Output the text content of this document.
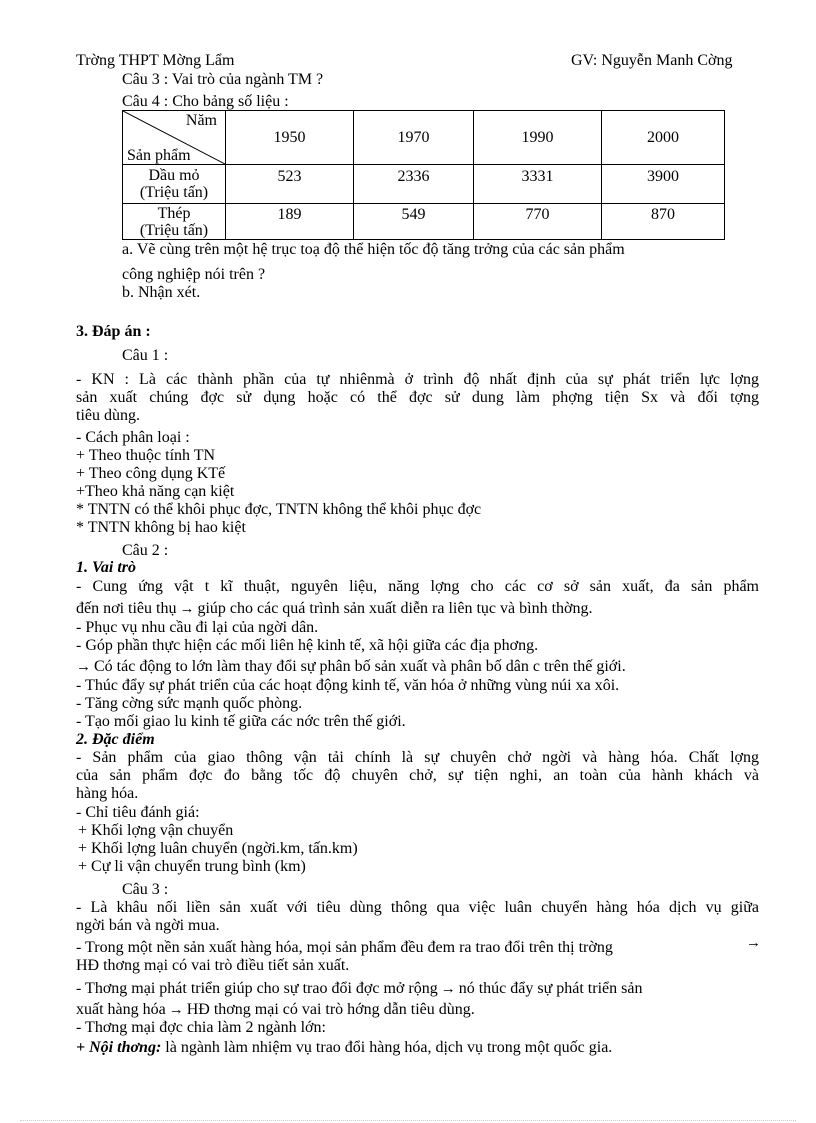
Trờng THPT Mờng Lẩm	GV: Nguyễn Manh Cờng
Câu 3 : Vai trò của ngành TM ?
Câu 4 : Cho bảng số liệu :
Năm
Sản phẩm	1950	1970	1990	2000

Dầu mỏ
(Triệu tấn)	523	2336	3331	3900

Thép
(Triệu tấn)	189	549	770	870
a. Vẽ cùng trên một hệ trục toạ độ thể hiện tốc độ tăng trởng của các sản phẩm
công nghiệp nói trên ?
b. Nhận xét.
3. Đáp án :
Câu 1 :
- KN : Là các thành phần của tự nhiênmà ở trình độ nhất định của sự phát triển lực lợng
sản xuất chúng đợc sử dụng hoặc có thể đợc sử dung làm phợng tiện Sx và đối tợng
tiêu dùng.
- Cách phân loại :
+ Theo thuộc tính TN
+ Theo công dụng KTế
+Theo khả năng cạn kiệt
* TNTN có thể khôi phục đợc, TNTN không thể khôi phục đợc
* TNTN không bị hao kiệt
Câu 2 :
1. Vai trò
- Cung ứng vật t kĩ thuật, nguyên liệu, năng lợng cho các cơ sở sản xuất, đa sản phẩm
đến nơi tiêu thụ → giúp cho các quá trình sản xuất diễn ra liên tục và bình thờng.
- Phục vụ nhu cầu đi lại của ngời dân.
- Góp phần thực hiện các mối liên hệ kinh tế, xã hội giữa các địa phơng.
→ Có tác động to lớn làm thay đổi sự phân bố sản xuất và phân bố dân c trên thế giới.
- Thúc đẩy sự phát triển của các hoạt động kinh tế, văn hóa ở những vùng núi xa xôi.
- Tăng cờng sức mạnh quốc phòng.
- Tạo mối giao lu kinh tế giữa các nớc trên thế giới.
2. Đặc điểm
- Sản phẩm của giao thông vận tải chính là sự chuyên chở ngời và hàng hóa. Chất lợng
của sản phẩm đợc đo bằng tốc độ chuyên chở, sự tiện nghi, an toàn của hành khách và
hàng hóa.
- Chỉ tiêu đánh giá:
+ Khối lợng vận chuyển
+ Khối lợng luân chuyển (ngời.km, tấn.km)
+ Cự li vận chuyển trung bình (km)
Câu 3 :
- Là khâu nối liền sản xuất với tiêu dùng thông qua việc luân chuyển hàng hóa dịch vụ giữa
ngời bán và ngời mua.
- Trong một nền sản xuất hàng hóa, mọi sản phẩm đều đem ra trao đổi trên thị trờng	→
HĐ thơng mại có vai trò điều tiết sản xuất.
- Thơng mại phát triển giúp cho sự trao đổi đợc mở rộng → nó thúc đẩy sự phát triển sản
xuất hàng hóa → HĐ thơng mại có vai trò hớng dẫn tiêu dùng.
- Thơng mại đợc chia làm 2 ngành lớn:
+ Nội thơng: là ngành làm nhiệm vụ trao đổi hàng hóa, dịch vụ trong một quốc gia.
